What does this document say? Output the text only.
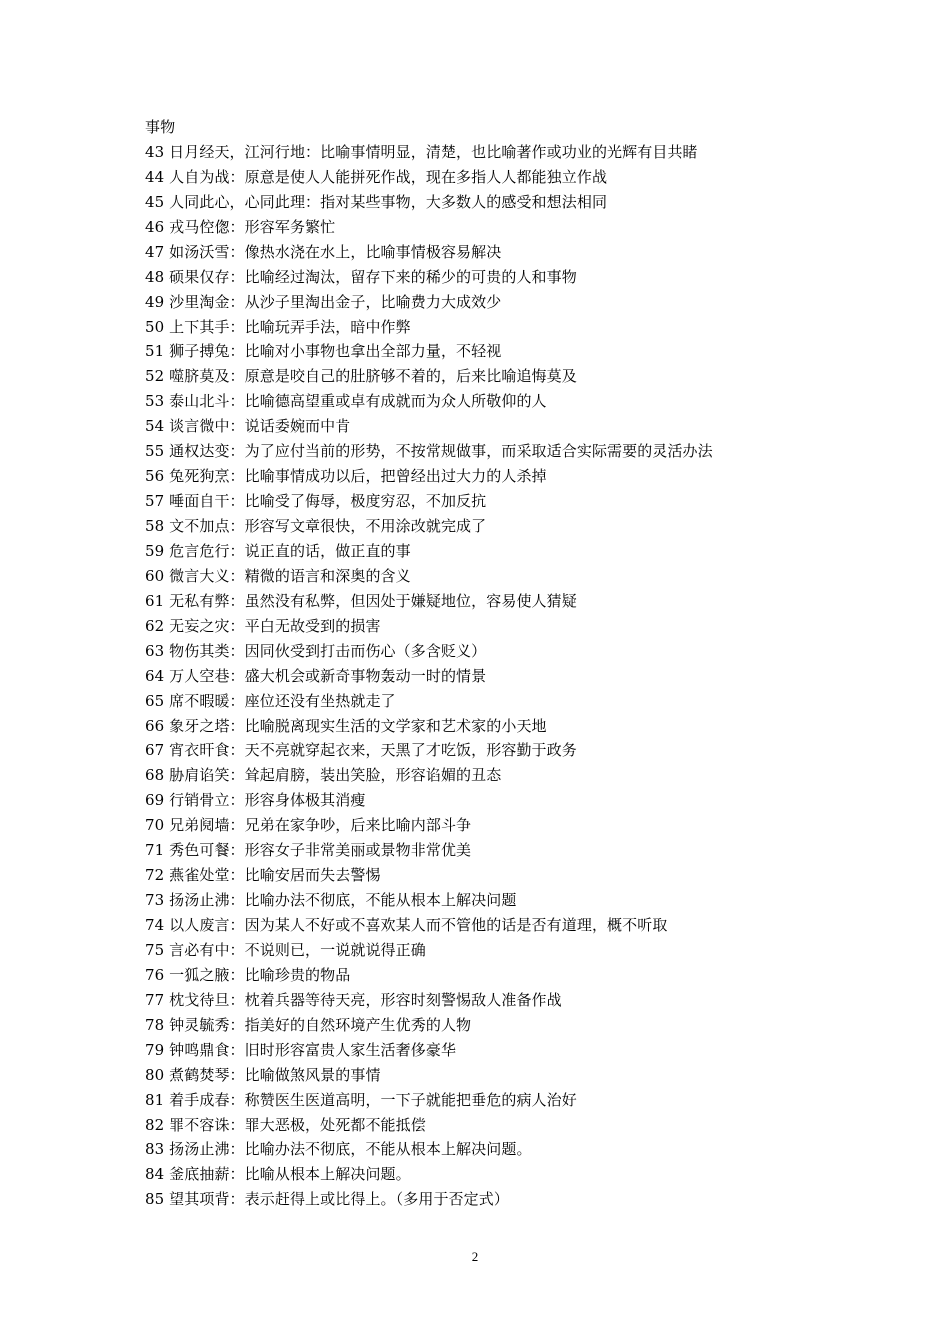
事物
43 日月经天，江河行地：比喻事情明显，清楚，也比喻著作或功业的光辉有目共睹
44 人自为战：原意是使人人能拼死作战，现在多指人人都能独立作战
45 人同此心，心同此理：指对某些事物，大多数人的感受和想法相同
46 戎马倥偬：形容军务繁忙
47 如汤沃雪：像热水浇在水上，比喻事情极容易解决
48 硕果仅存：比喻经过淘汰，留存下来的稀少的可贵的人和事物
49 沙里淘金：从沙子里淘出金子，比喻费力大成效少
50 上下其手：比喻玩弄手法，暗中作弊
51 狮子搏兔：比喻对小事物也拿出全部力量，不轻视
52 噬脐莫及：原意是咬自己的肚脐够不着的，后来比喻追悔莫及
53 泰山北斗：比喻德高望重或卓有成就而为众人所敬仰的人
54 谈言微中：说话委婉而中肯
55 通权达变：为了应付当前的形势，不按常规做事，而采取适合实际需要的灵活办法
56 兔死狗烹：比喻事情成功以后，把曾经出过大力的人杀掉
57 唾面自干：比喻受了侮辱，极度穷忍，不加反抗
58 文不加点：形容写文章很快，不用涂改就完成了
59 危言危行：说正直的话，做正直的事
60 微言大义：精微的语言和深奥的含义
61 无私有弊：虽然没有私弊，但因处于嫌疑地位，容易使人猜疑
62 无妄之灾：平白无故受到的损害
63 物伤其类：因同伙受到打击而伤心（多含贬义）
64 万人空巷：盛大机会或新奇事物轰动一时的情景
65 席不暇暖：座位还没有坐热就走了
66 象牙之塔：比喻脱离现实生活的文学家和艺术家的小天地
67 宵衣旰食：天不亮就穿起衣来，天黑了才吃饭，形容勤于政务
68 胁肩谄笑：耸起肩膀，装出笑脸，形容谄媚的丑态
69 行销骨立：形容身体极其消瘦
70 兄弟阋墙：兄弟在家争吵，后来比喻内部斗争
71 秀色可餐：形容女子非常美丽或景物非常优美
72 燕雀处堂：比喻安居而失去警惕
73 扬汤止沸：比喻办法不彻底，不能从根本上解决问题
74 以人废言：因为某人不好或不喜欢某人而不管他的话是否有道理，概不听取
75 言必有中：不说则已，一说就说得正确
76 一狐之腋：比喻珍贵的物品
77 枕戈待旦：枕着兵器等待天亮，形容时刻警惕敌人准备作战
78 钟灵毓秀：指美好的自然环境产生优秀的人物
79 钟鸣鼎食：旧时形容富贵人家生活奢侈豪华
80 煮鹤焚琴：比喻做煞风景的事情
81 着手成春：称赞医生医道高明，一下子就能把垂危的病人治好
82 罪不容诛：罪大恶极，处死都不能抵偿
83 扬汤止沸：比喻办法不彻底，不能从根本上解决问题。
84 釜底抽薪：比喻从根本上解决问题。
85 望其项背：表示赶得上或比得上。（多用于否定式）
2
